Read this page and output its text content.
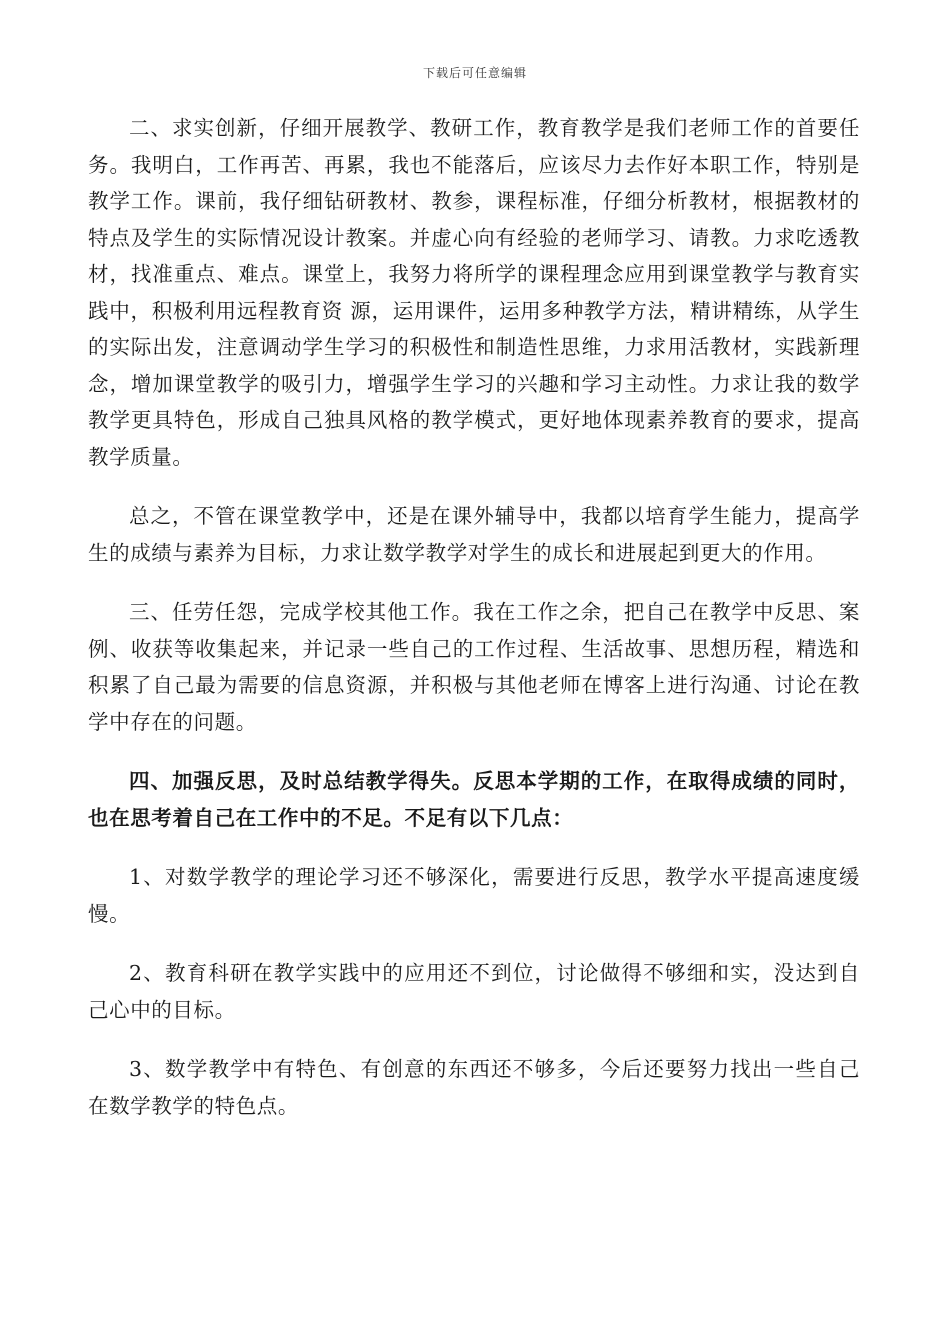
下载后可任意编辑

二、求实创新，仔细开展教学、教研工作，教育教学是我们老师工作的首要任务。我明白，工作再苦、再累，我也不能落后，应该尽力去作好本职工作，特别是教学工作。课前，我仔细钻研教材、教参，课程标准，仔细分析教材，根据教材的特点及学生的实际情况设计教案。并虚心向有经验的老师学习、请教。力求吃透教材，找准重点、难点。课堂上，我努力将所学的课程理念应用到课堂教学与教育实践中，积极利用远程教育资 源，运用课件，运用多种教学方法，精讲精练，从学生的实际出发，注意调动学生学习的积极性和制造性思维，力求用活教材，实践新理念，增加课堂教学的吸引力，增强学生学习的兴趣和学习主动性。力求让我的数学教学更具特色，形成自己独具风格的教学模式，更好地体现素养教育的要求，提高教学质量。

总之，不管在课堂教学中，还是在课外辅导中，我都以培育学生能力，提高学生的成绩与素养为目标，力求让数学教学对学生的成长和进展起到更大的作用。

三、任劳任怨，完成学校其他工作。我在工作之余，把自己在教学中反思、案例、收获等收集起来，并记录一些自己的工作过程、生活故事、思想历程，精选和积累了自己最为需要的信息资源，并积极与其他老师在博客上进行沟通、讨论在教学中存在的问题。

四、加强反思，及时总结教学得失。反思本学期的工作，在取得成绩的同时，也在思考着自己在工作中的不足。不足有以下几点：

1、对数学教学的理论学习还不够深化，需要进行反思，教学水平提高速度缓慢。

2、教育科研在教学实践中的应用还不到位，讨论做得不够细和实，没达到自己心中的目标。

3、数学教学中有特色、有创意的东西还不够多，今后还要努力找出一些自己在数学教学的特色点。
